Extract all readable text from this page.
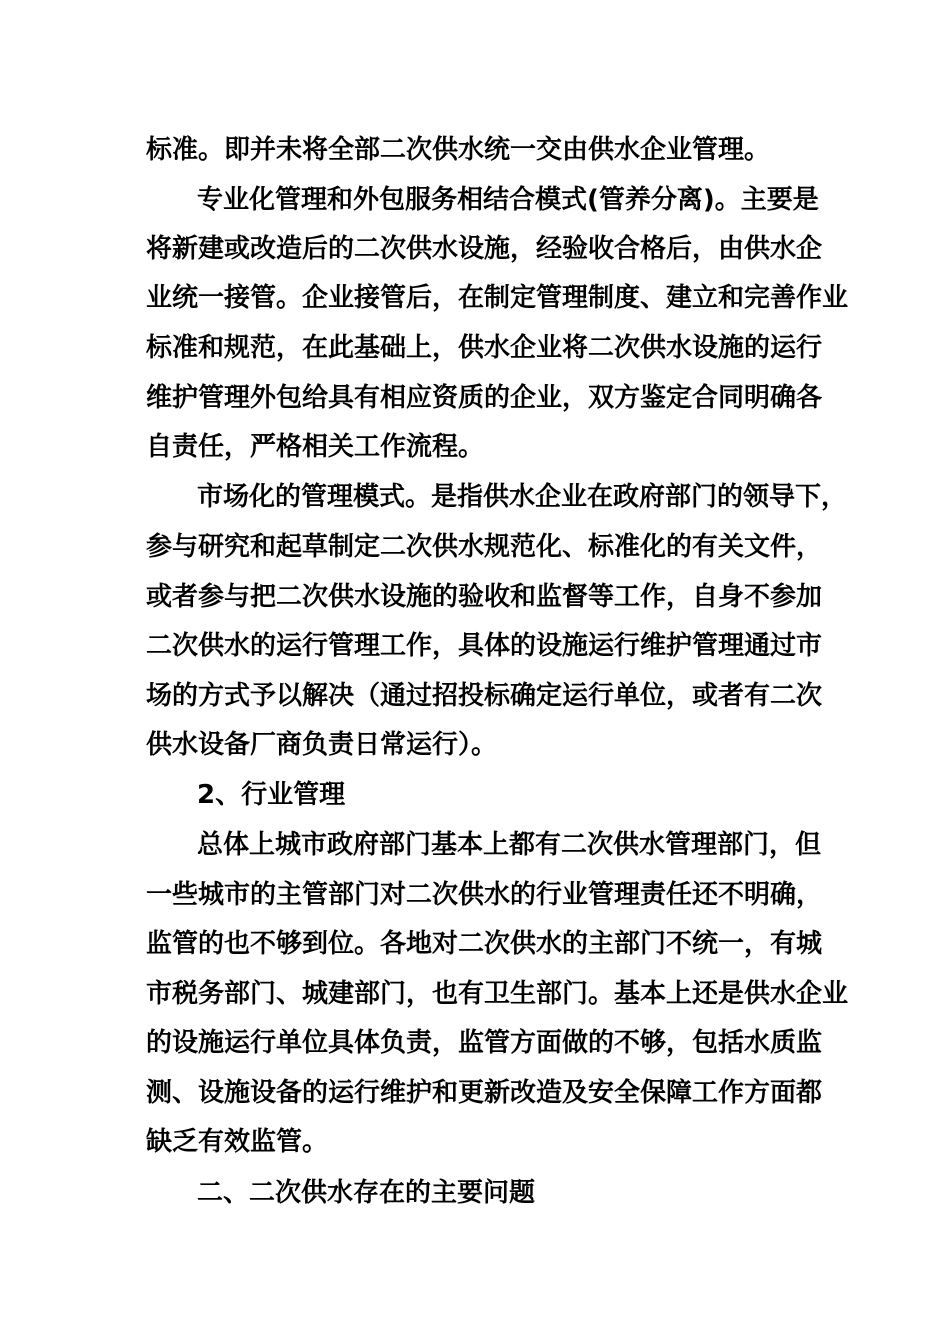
标准。即并未将全部二次供水统一交由供水企业管理。
专业化管理和外包服务相结合模式(管养分离)。主要是
将新建或改造后的二次供水设施，经验收合格后，由供水企
业统一接管。企业接管后，在制定管理制度、建立和完善作业
标准和规范，在此基础上，供水企业将二次供水设施的运行
维护管理外包给具有相应资质的企业，双方鉴定合同明确各
自责任，严格相关工作流程。
市场化的管理模式。是指供水企业在政府部门的领导下，
参与研究和起草制定二次供水规范化、标准化的有关文件，
或者参与把二次供水设施的验收和监督等工作，自身不参加
二次供水的运行管理工作，具体的设施运行维护管理通过市
场的方式予以解决（通过招投标确定运行单位，或者有二次
供水设备厂商负责日常运行）。
2、行业管理
总体上城市政府部门基本上都有二次供水管理部门，但
一些城市的主管部门对二次供水的行业管理责任还不明确，
监管的也不够到位。各地对二次供水的主部门不统一，有城
市税务部门、城建部门，也有卫生部门。基本上还是供水企业
的设施运行单位具体负责，监管方面做的不够，包括水质监
测、设施设备的运行维护和更新改造及安全保障工作方面都
缺乏有效监管。
二、二次供水存在的主要问题
